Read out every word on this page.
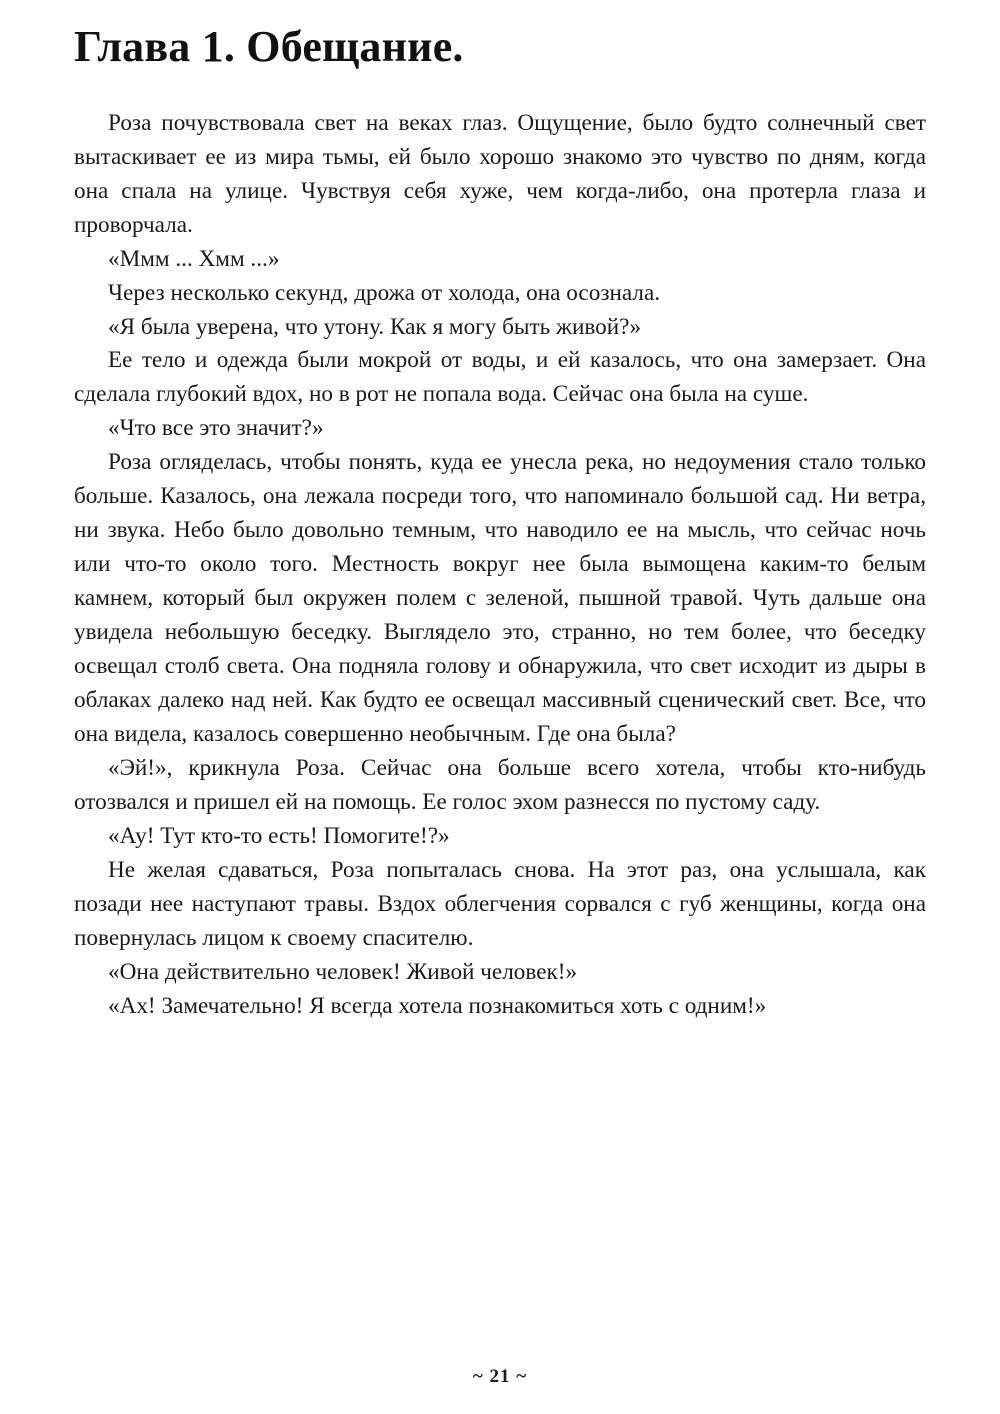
Глава 1. Обещание.

Роза почувствовала свет на веках глаз. Ощущение, было будто солнечный свет вытаскивает ее из мира тьмы, ей было хорошо знакомо это чувство по дням, когда она спала на улице. Чувствуя себя хуже, чем когда-либо, она протерла глаза и проворчала.

«Ммм ... Хмм ...»

Через несколько секунд, дрожа от холода, она осознала.

«Я была уверена, что утону. Как я могу быть живой?»

Ее тело и одежда были мокрой от воды, и ей казалось, что она замерзает. Она сделала глубокий вдох, но в рот не попала вода. Сейчас она была на суше.

«Что все это значит?»

Роза огляделась, чтобы понять, куда ее унесла река, но недоумения стало только больше. Казалось, она лежала посреди того, что напоминало большой сад. Ни ветра, ни звука. Небо было довольно темным, что наводило ее на мысль, что сейчас ночь или что-то около того. Местность вокруг нее была вымощена каким-то белым камнем, который был окружен полем с зеленой, пышной травой. Чуть дальше она увидела небольшую беседку. Выглядело это, странно, но тем более, что беседку освещал столб света. Она подняла голову и обнаружила, что свет исходит из дыры в облаках далеко над ней. Как будто ее освещал массивный сценический свет. Все, что она видела, казалось совершенно необычным. Где она была?

«Эй!», крикнула Роза. Сейчас она больше всего хотела, чтобы кто-нибудь отозвался и пришел ей на помощь. Ее голос эхом разнесся по пустому саду.

«Ау! Тут кто-то есть! Помогите!?»

Не желая сдаваться, Роза попыталась снова. На этот раз, она услышала, как позади нее наступают травы. Вздох облегчения сорвался с губ женщины, когда она повернулась лицом к своему спасителю.

«Она действительно человек! Живой человек!»

«Ах! Замечательно! Я всегда хотела познакомиться хоть с одним!»

~ 21 ~
